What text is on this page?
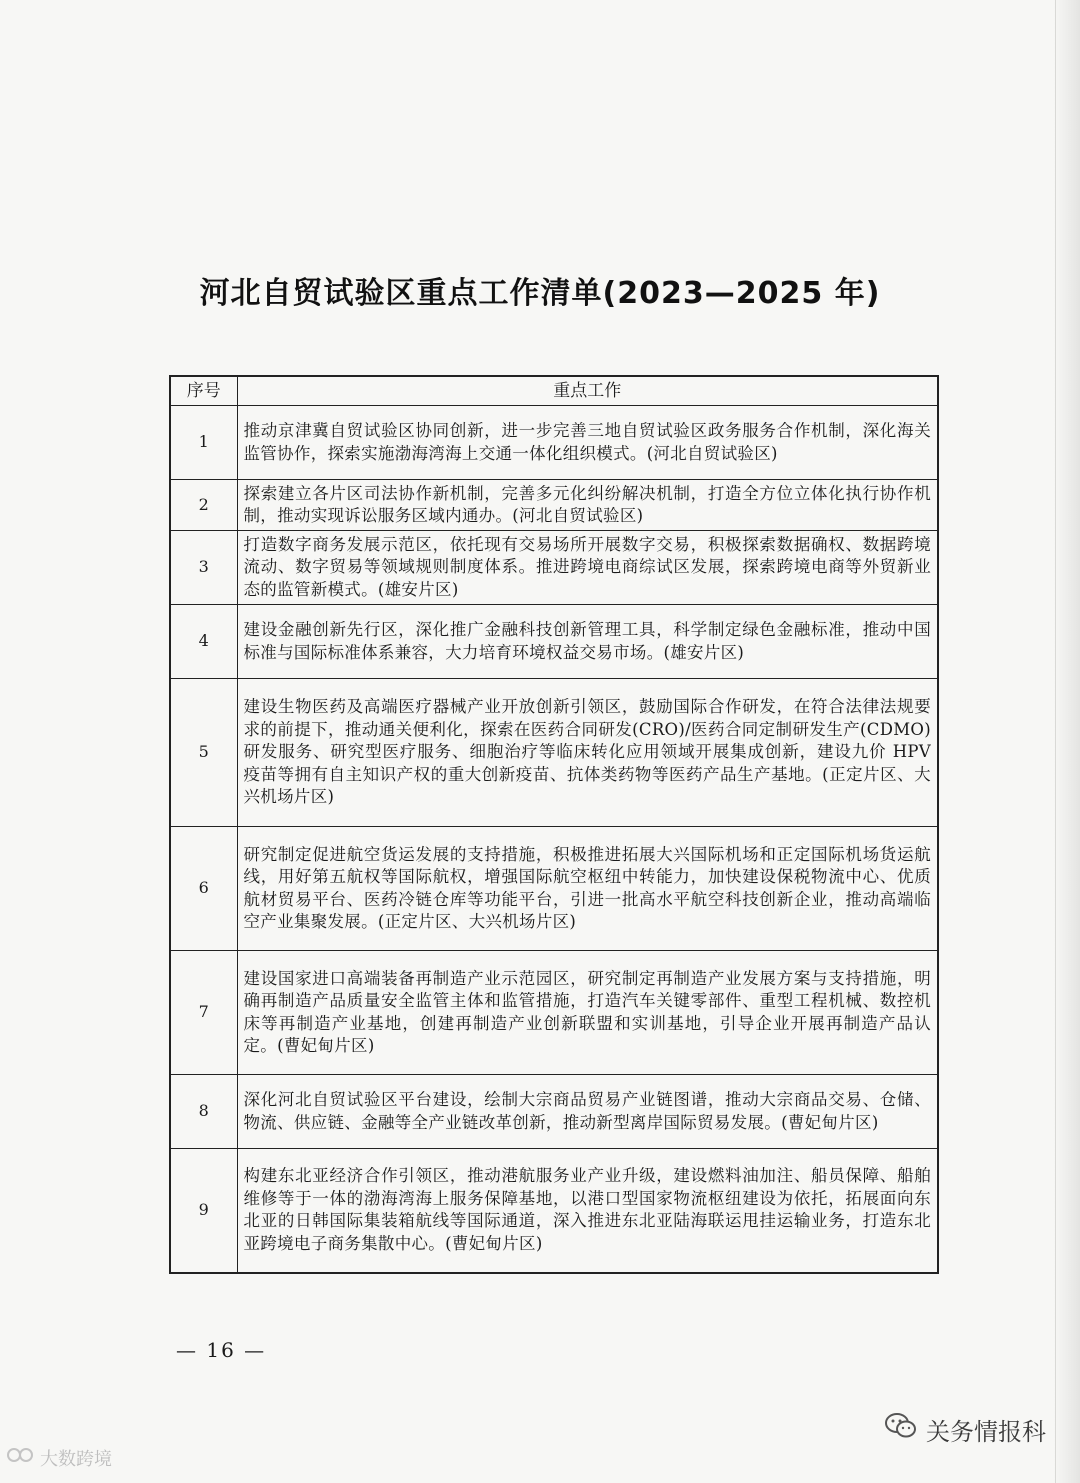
河北自贸试验区重点工作清单(2023—2025 年)
序号	重点工作
1	推动京津冀自贸试验区协同创新，进一步完善三地自贸试验区政务服务合作机制，深化海关监管协作，探索实施渤海湾海上交通一体化组织模式。(河北自贸试验区)
2	探索建立各片区司法协作新机制，完善多元化纠纷解决机制，打造全方位立体化执行协作机制，推动实现诉讼服务区域内通办。(河北自贸试验区)
3	打造数字商务发展示范区，依托现有交易场所开展数字交易，积极探索数据确权、数据跨境流动、数字贸易等领域规则制度体系。推进跨境电商综试区发展，探索跨境电商等外贸新业态的监管新模式。(雄安片区)
4	建设金融创新先行区，深化推广金融科技创新管理工具，科学制定绿色金融标准，推动中国标准与国际标准体系兼容，大力培育环境权益交易市场。(雄安片区)
5	建设生物医药及高端医疗器械产业开放创新引领区，鼓励国际合作研发，在符合法律法规要求的前提下，推动通关便利化，探索在医药合同研发(CRO)/医药合同定制研发生产(CDMO)研发服务、研究型医疗服务、细胞治疗等临床转化应用领域开展集成创新，建设九价 HPV 疫苗等拥有自主知识产权的重大创新疫苗、抗体类药物等医药产品生产基地。(正定片区、大兴机场片区)
6	研究制定促进航空货运发展的支持措施，积极推进拓展大兴国际机场和正定国际机场货运航线，用好第五航权等国际航权，增强国际航空枢纽中转能力，加快建设保税物流中心、优质航材贸易平台、医药冷链仓库等功能平台，引进一批高水平航空科技创新企业，推动高端临空产业集聚发展。(正定片区、大兴机场片区)
7	建设国家进口高端装备再制造产业示范园区，研究制定再制造产业发展方案与支持措施，明确再制造产品质量安全监管主体和监管措施，打造汽车关键零部件、重型工程机械、数控机床等再制造产业基地，创建再制造产业创新联盟和实训基地，引导企业开展再制造产品认定。(曹妃甸片区)
8	深化河北自贸试验区平台建设，绘制大宗商品贸易产业链图谱，推动大宗商品交易、仓储、物流、供应链、金融等全产业链改革创新，推动新型离岸国际贸易发展。(曹妃甸片区)
9	构建东北亚经济合作引领区，推动港航服务业产业升级，建设燃料油加注、船员保障、船舶维修等于一体的渤海湾海上服务保障基地，以港口型国家物流枢纽建设为依托，拓展面向东北亚的日韩国际集装箱航线等国际通道，深入推进东北亚陆海联运甩挂运输业务，打造东北亚跨境电子商务集散中心。(曹妃甸片区)
— 16 —
大数跨境
关务情报科
